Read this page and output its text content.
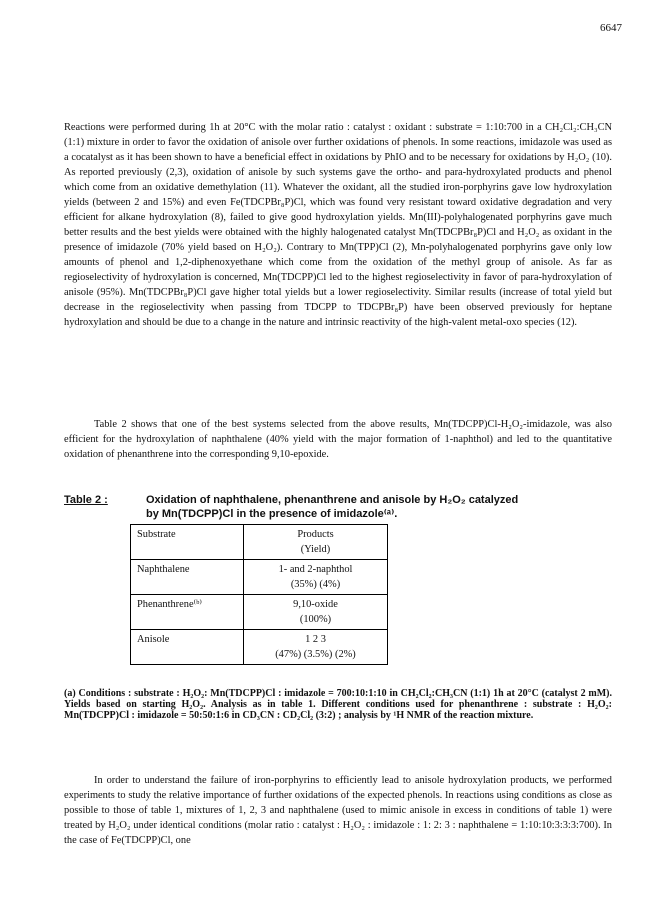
6647

Reactions were performed during 1h at 20°C with the molar ratio : catalyst : oxidant : substrate = 1:10:700 in a CH₂Cl₂:CH₃CN (1:1) mixture in order to favor the oxidation of anisole over further oxidations of phenols. In some reactions, imidazole was used as a cocatalyst as it has been shown to have a beneficial effect in oxidations by PhIO and to be necessary for oxidations by H₂O₂ (10). As reported previously (2,3), oxidation of anisole by such systems gave the ortho- and para-hydroxylated products and phenol which come from an oxidative demethylation (11). Whatever the oxidant, all the studied iron-porphyrins gave low hydroxylation yields (between 2 and 15%) and even Fe(TDCPBr₈P)Cl, which was found very resistant toward oxidative degradation and very efficient for alkane hydroxylation (8), failed to give good hydroxylation yields. Mn(III)-polyhalogenated porphyrins gave much better results and the best yields were obtained with the highly halogenated catalyst Mn(TDCPBr₈P)Cl and H₂O₂ as oxidant in the presence of imidazole (70% yield based on H₂O₂). Contrary to Mn(TPP)Cl (2), Mn-polyhalogenated porphyrins gave only low amounts of phenol and 1,2-diphenoxyethane which come from the oxidation of the methyl group of anisole. As far as regioselectivity of hydroxylation is concerned, Mn(TDCPP)Cl led to the highest regioselectivity in favor of para-hydroxylation of anisole (95%). Mn(TDCPBr₈P)Cl gave higher total yields but a lower regioselectivity. Similar results (increase of total yield but decrease in the regioselectivity when passing from TDCPP to TDCPBr₈P) have been observed previously for heptane hydroxylation and should be due to a change in the nature and intrinsic reactivity of the high-valent metal-oxo species (12).

Table 2 shows that one of the best systems selected from the above results, Mn(TDCPP)Cl-H₂O₂-imidazole, was also efficient for the hydroxylation of naphthalene (40% yield with the major formation of 1-naphthol) and led to the quantitative oxidation of phenanthrene into the corresponding 9,10-epoxide.

Table 2 :	Oxidation of naphthalene, phenanthrene and anisole by H₂O₂ catalyzed
by Mn(TDCPP)Cl in the presence of imidazole⁽ᵃ⁾.
Substrate	Products
(Yield)

Naphthalene	1- and 2-naphthol
(35%) (4%)

Phenanthrene⁽ᵇ⁾	9,10-oxide
(100%)

Anisole	1 2 3
(47%) (3.5%) (2%)
(a) Conditions : substrate : H₂O₂: Mn(TDCPP)Cl : imidazole = 700:10:1:10 in CH₂Cl₂:CH₃CN (1:1) 1h at 20°C (catalyst 2 mM). Yields based on starting H₂O₂. Analysis as in table 1. Different conditions used for phenanthrene : substrate : H₂O₂: Mn(TDCPP)Cl : imidazole = 50:50:1:6 in CD₃CN : CD₂Cl₂ (3:2) ; analysis by ¹H NMR of the reaction mixture.

In order to understand the failure of iron-porphyrins to efficiently lead to anisole hydroxylation products, we performed experiments to study the relative importance of further oxidations of the expected phenols. In reactions using conditions as close as possible to those of table 1, mixtures of 1, 2, 3 and naphthalene (used to mimic anisole in excess in conditions of table 1) were treated by H₂O₂ under identical conditions (molar ratio : catalyst : H₂O₂ : imidazole : 1: 2: 3 : naphthalene = 1:10:10:3:3:3:700). In the case of Fe(TDCPP)Cl, one
